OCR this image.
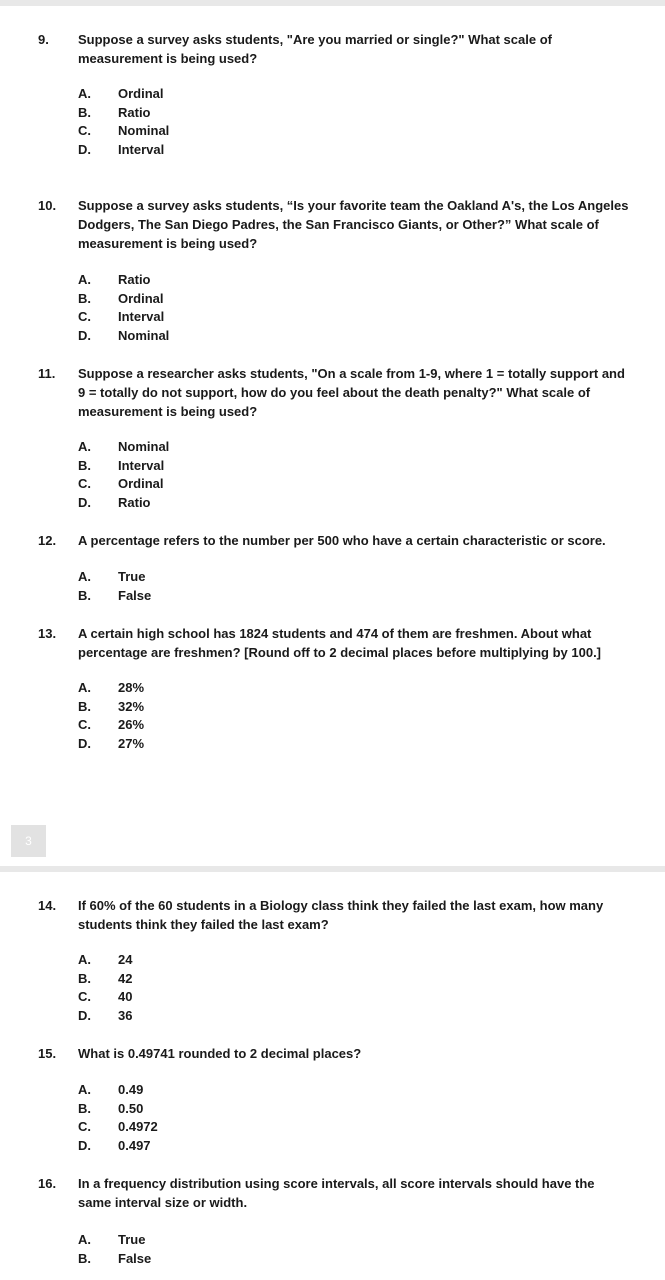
9. Suppose a survey asks students, "Are you married or single?" What scale of measurement is being used?
A.	Ordinal
B.	Ratio
C.	Nominal
D.	Interval
10. Suppose a survey asks students, “Is your favorite team the Oakland A's, the Los Angeles Dodgers, The San Diego Padres, the San Francisco Giants, or Other?” What scale of measurement is being used?
A.	Ratio
B.	Ordinal
C.	Interval
D.	Nominal
11. Suppose a researcher asks students, "On a scale from 1-9, where 1 = totally support and 9 = totally do not support, how do you feel about the death penalty?" What scale of measurement is being used?
A.	Nominal
B.	Interval
C.	Ordinal
D.	Ratio
12. A percentage refers to the number per 500 who have a certain characteristic or score.
A.	True
B.	False
13. A certain high school has 1824 students and 474 of them are freshmen. About what percentage are freshmen? [Round off to 2 decimal places before multiplying by 100.]
A.	28%
B.	32%
C.	26%
D.	27%
3
14. If 60% of the 60 students in a Biology class think they failed the last exam, how many students think they failed the last exam?
A.	24
B.	42
C.	40
D.	36
15. What is 0.49741 rounded to 2 decimal places?
A.	0.49
B.	0.50
C.	0.4972
D.	0.497
16. In a frequency distribution using score intervals, all score intervals should have the same interval size or width.
A.	True
B.	False
